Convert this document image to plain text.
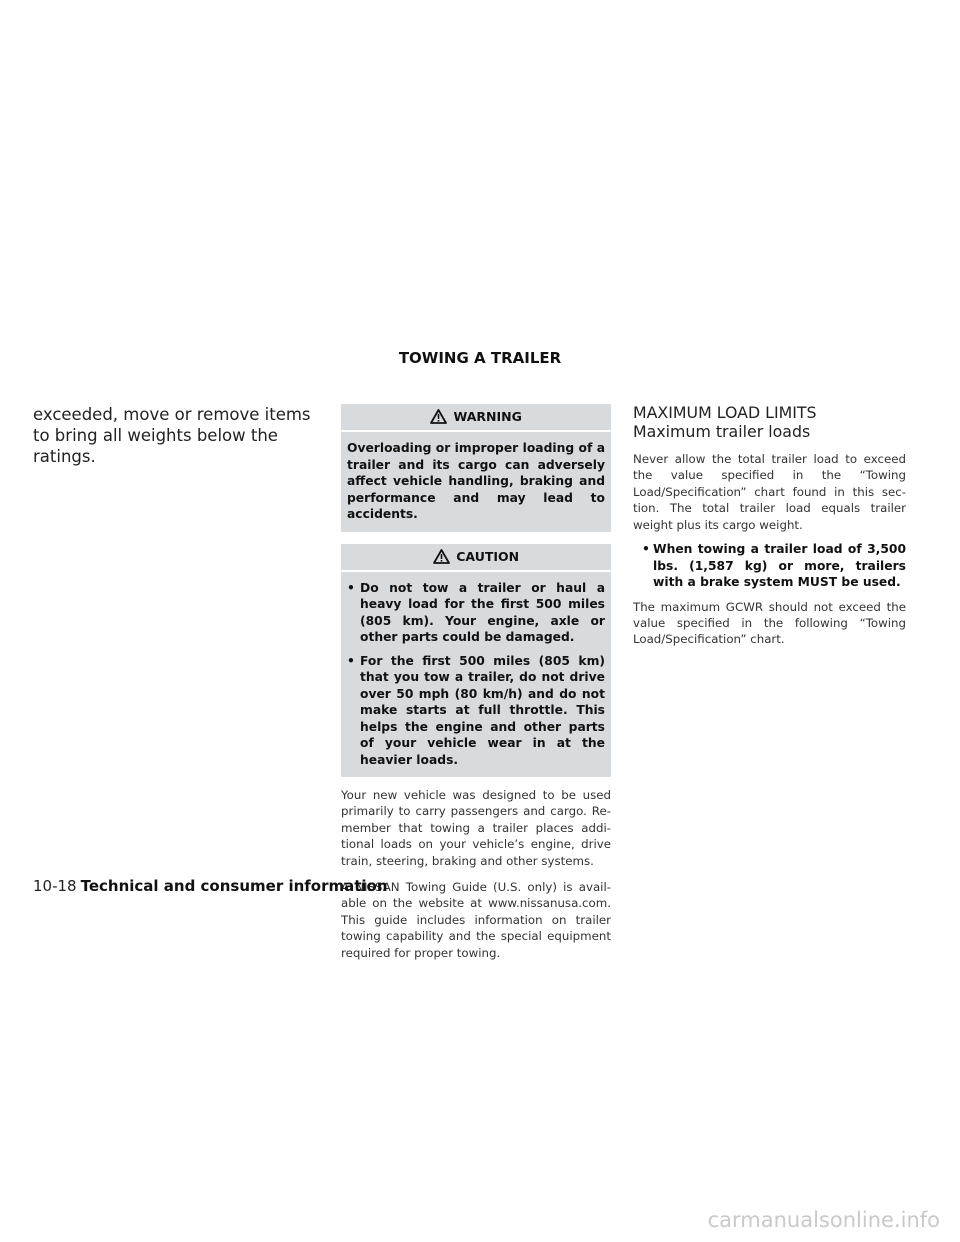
TOWING A TRAILER

exceeded, move or remove items to bring all weights below the ratings.

WARNING
Overloading or improper loading of a trailer and its cargo can adversely affect vehicle handling, braking and performance and may lead to accidents.
CAUTION
• Do not tow a trailer or haul a heavy load for the first 500 miles (805 km). Your engine, axle or other parts could be damaged.
• For the first 500 miles (805 km) that you tow a trailer, do not drive over 50 mph (80 km/h) and do not make starts at full throttle. This helps the engine and other parts of your vehicle wear in at the heavier loads.

Your new vehicle was designed to be used primarily to carry passengers and cargo. Remember that towing a trailer places additional loads on your vehicle’s engine, drive train, steering, braking and other systems.

A NISSAN Towing Guide (U.S. only) is available on the website at www.nissanusa.com. This guide includes information on trailer towing capability and the special equipment required for proper towing.

MAXIMUM LOAD LIMITS

Maximum trailer loads

Never allow the total trailer load to exceed the value specified in the “Towing Load/Specification” chart found in this section. The total trailer load equals trailer weight plus its cargo weight.

• When towing a trailer load of 3,500 lbs. (1,587 kg) or more, trailers with a brake system MUST be used.

The maximum GCWR should not exceed the value specified in the following “Towing Load/Specification” chart.

10-18 Technical and consumer information
carmanualsonline.info
